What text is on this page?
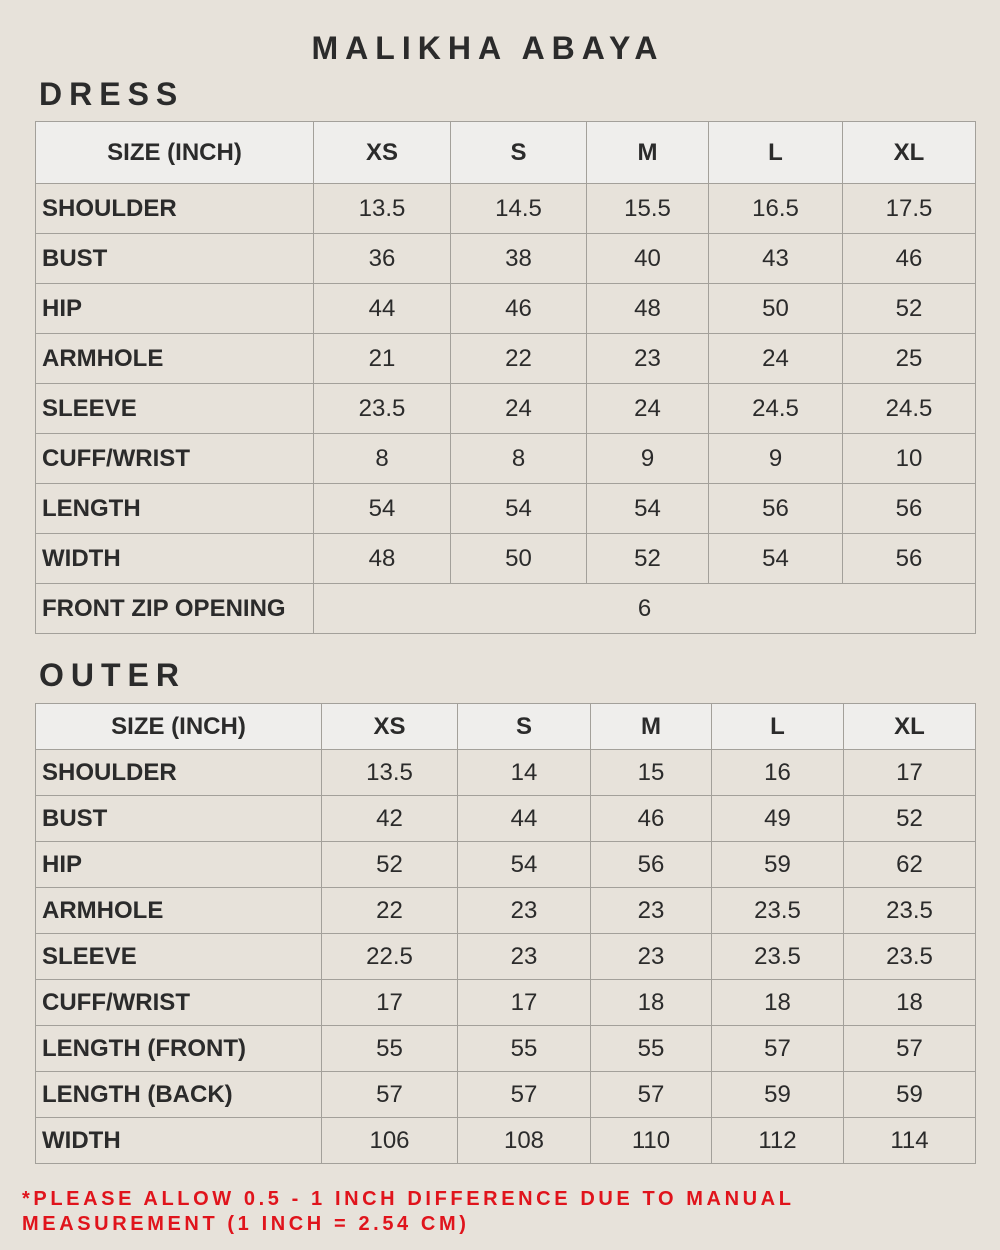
MALIKHA ABAYA
DRESS
SIZE (INCH)	XS	S	M	L	XL
SHOULDER	13.5	14.5	15.5	16.5	17.5
BUST	36	38	40	43	46
HIP	44	46	48	50	52
ARMHOLE	21	22	23	24	25
SLEEVE	23.5	24	24	24.5	24.5
CUFF/WRIST	8	8	9	9	10
LENGTH	54	54	54	56	56
WIDTH	48	50	52	54	56
FRONT ZIP OPENING	6				
OUTER
SIZE (INCH)	XS	S	M	L	XL
SHOULDER	13.5	14	15	16	17
BUST	42	44	46	49	52
HIP	52	54	56	59	62
ARMHOLE	22	23	23	23.5	23.5
SLEEVE	22.5	23	23	23.5	23.5
CUFF/WRIST	17	17	18	18	18
LENGTH (FRONT)	55	55	55	57	57
LENGTH (BACK)	57	57	57	59	59
WIDTH	106	108	110	112	114
*PLEASE ALLOW 0.5 - 1 INCH DIFFERENCE DUE TO MANUAL
MEASUREMENT (1 INCH = 2.54 CM)
